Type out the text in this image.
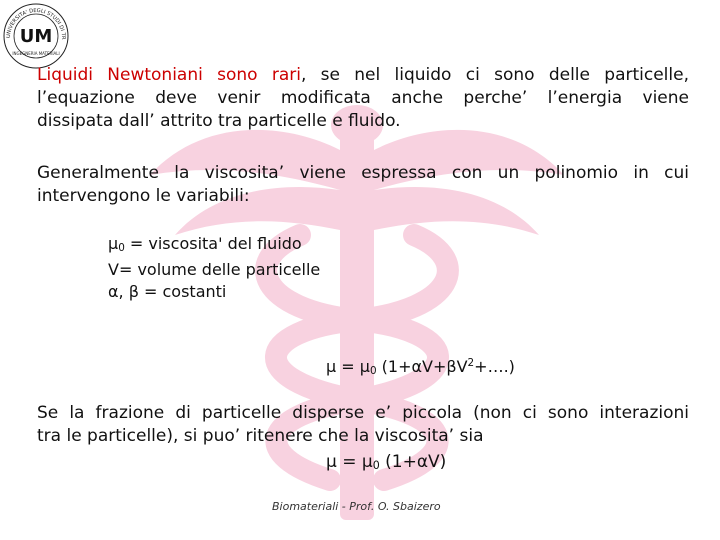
UNIVERSITA' DEGLI STUDI DI TR
UM
INGEGNERIA MATERIALI
Liquidi Newtoniani sono rari, se nel liquido ci sono delle particelle,
l’equazione deve venir modificata anche perche’ l’energia viene
dissipata dall’ attrito tra particelle e fluido.
Generalmente la viscosita’ viene espressa con un polinomio in cui
intervengono le variabili:
$\mu_0$ = viscosita' del fluido
V= volume delle particelle
α, β = costanti
$\mu = \mu_0$ $(1+\alpha V+\beta V^2+\dots.)$
Se la frazione di particelle disperse e’ piccola (non ci sono interazioni
tra le particelle), si puo’ ritenere che la viscosita’ sia
$\mu = \mu_0$ (1+αV)
Biomateriali - Prof. O. Sbaizero
